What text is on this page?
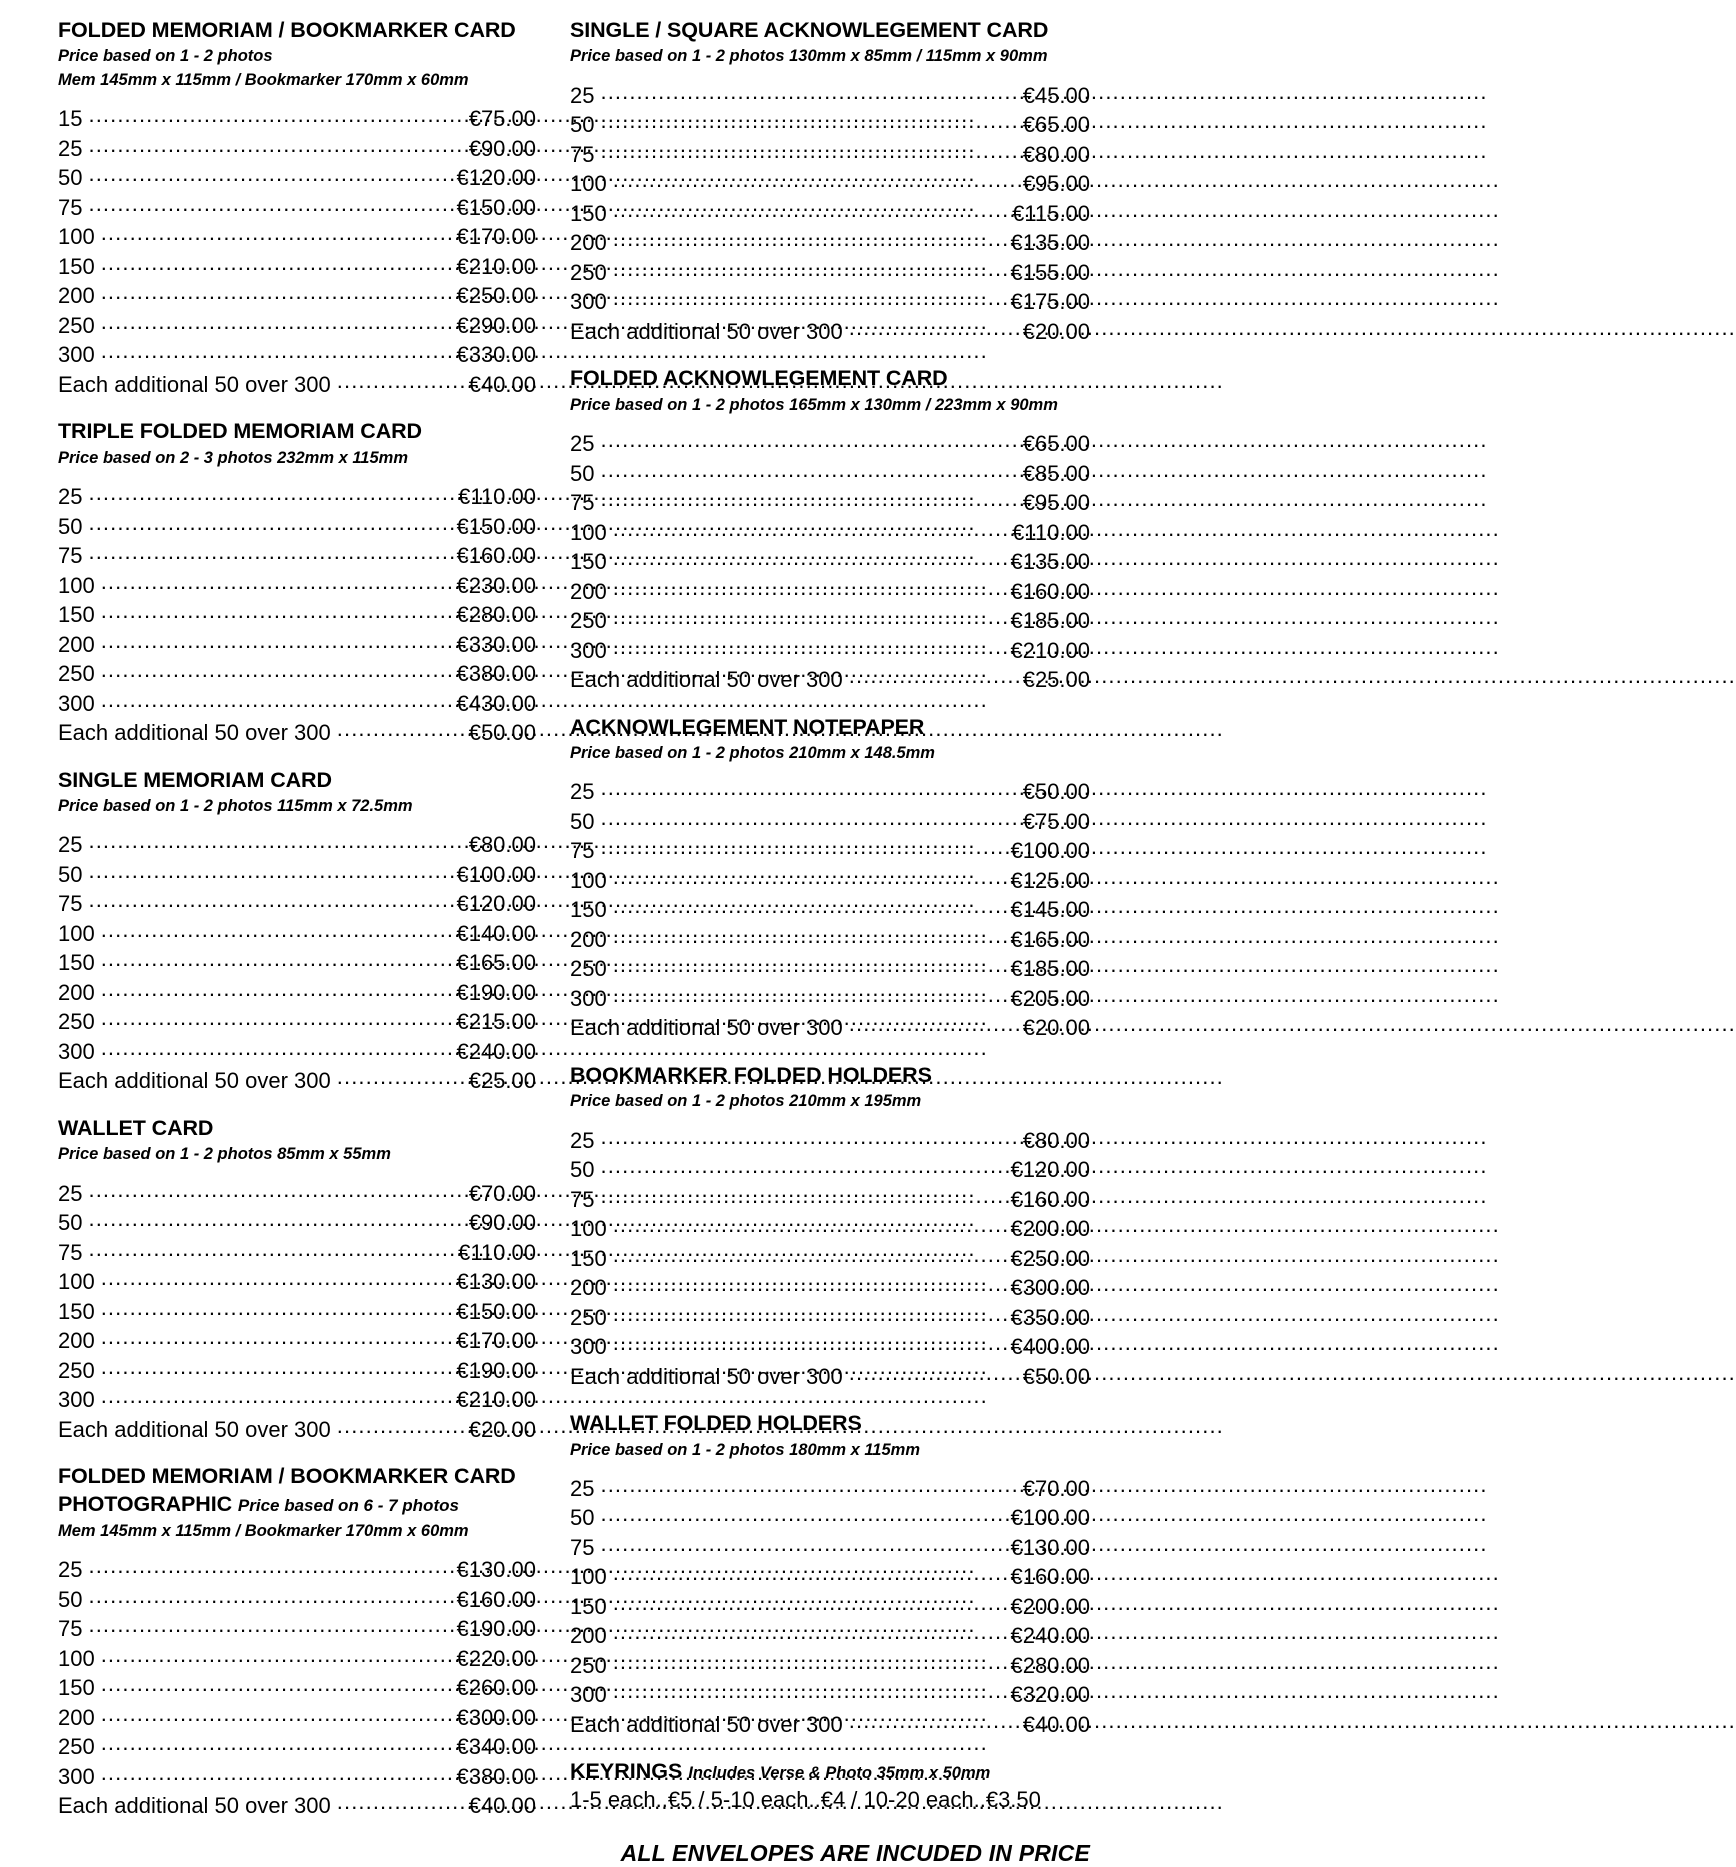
FOLDED MEMORIAM / BOOKMARKER CARD
Price based on 1 - 2 photos
Mem 145mm x 115mm / Bookmarker 170mm x 60mm
15 .....	€75.00
25 .....	€90.00
50 .....	€120.00
75 .....	€150.00
100 .....	€170.00
150 .....	€210.00
200 .....	€250.00
250 .....	€290.00
300 .....	€330.00
Each additional 50 over 300 .....	€40.00
TRIPLE FOLDED MEMORIAM CARD
Price based on 2 - 3 photos 232mm x 115mm
25 .....	€110.00
50 .....	€150.00
75 .....	€160.00
100 .....	€230.00
150 .....	€280.00
200 .....	€330.00
250 .....	€380.00
300 .....	€430.00
Each additional 50 over 300 .....	€50.00
SINGLE MEMORIAM CARD
Price based on 1 - 2 photos 115mm x 72.5mm
25 .....	€80.00
50 .....	€100.00
75 .....	€120.00
100 .....	€140.00
150 .....	€165.00
200 .....	€190.00
250 .....	€215.00
300 .....	€240.00
Each additional 50 over 300 .....	€25.00
WALLET CARD
Price based on 1 - 2 photos 85mm x 55mm
25 .....	€70.00
50 .....	€90.00
75 .....	€110.00
100 .....	€130.00
150 .....	€150.00
200 .....	€170.00
250 .....	€190.00
300 .....	€210.00
Each additional 50 over 300 .....	€20.00
FOLDED MEMORIAM / BOOKMARKER CARD
PHOTOGRAPHIC Price based on 6 - 7 photos
Mem 145mm x 115mm / Bookmarker 170mm x 60mm
25 .....	€130.00
50 .....	€160.00
75 .....	€190.00
100 .....	€220.00
150 .....	€260.00
200 .....	€300.00
250 .....	€340.00
300 .....	€380.00
Each additional 50 over 300 .....	€40.00
SINGLE / SQUARE ACKNOWLEGEMENT CARD
Price based on 1 - 2 photos 130mm x 85mm / 115mm x 90mm
25 .....	€45.00
50 .....	€65.00
75 .....	€80.00
100 .....	€95.00
150 .....	€115.00
200 .....	€135.00
250 .....	€155.00
300 .....	€175.00
Each additional 50 over 300 .....	€20.00
FOLDED ACKNOWLEGEMENT CARD
Price based on 1 - 2 photos 165mm x 130mm / 223mm x 90mm
25 .....	€65.00
50 .....	€85.00
75 .....	€95.00
100 .....	€110.00
150 .....	€135.00
200 .....	€160.00
250 .....	€185.00
300 .....	€210.00
Each additional 50 over 300 .....	€25.00
ACKNOWLEGEMENT NOTEPAPER
Price based on 1 - 2 photos 210mm x 148.5mm
25 .....	€50.00
50 .....	€75.00
75 .....	€100.00
100 .....	€125.00
150 .....	€145.00
200 .....	€165.00
250 .....	€185.00
300 .....	€205.00
Each additional 50 over 300 .....	€20.00
BOOKMARKER FOLDED HOLDERS
Price based on 1 - 2 photos 210mm x 195mm
25 .....	€80.00
50 .....	€120.00
75 .....	€160.00
100 .....	€200.00
150 .....	€250.00
200 .....	€300.00
250 .....	€350.00
300 .....	€400.00
Each additional 50 over 300 .....	€50.00
WALLET FOLDED HOLDERS
Price based on 1 - 2 photos 180mm x 115mm
25 .....	€70.00
50 .....	€100.00
75 .....	€130.00
100 .....	€160.00
150 .....	€200.00
200 .....	€240.00
250 .....	€280.00
300 .....	€320.00
Each additional 50 over 300 .....	€40.00
KEYRINGS Includes Verse & Photo 35mm x 50mm
1-5 each..€5 / 5-10 each..€4 / 10-20 each..€3.50
ALL ENVELOPES ARE INCUDED IN PRICE
